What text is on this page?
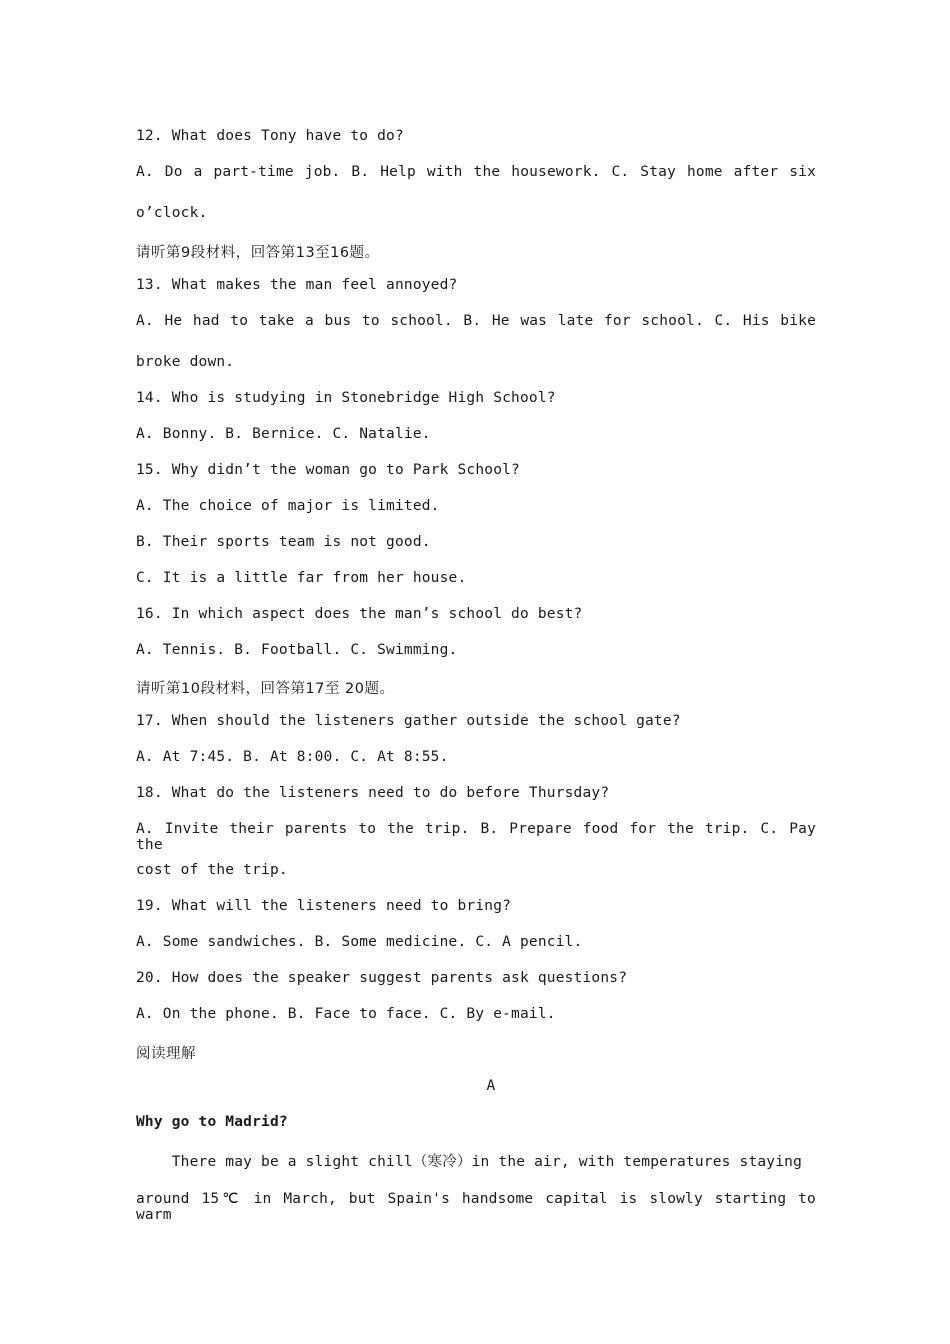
12. What does Tony have to do?
A. Do a part-time job. B. Help with the housework. C. Stay home after six
o’clock.
请听第9段材料，回答第13至16题。
13. What makes the man feel annoyed?
A. He had to take a bus to school. B. He was late for school. C. His bike
broke down.
14. Who is studying in Stonebridge High School?
A. Bonny. B. Bernice. C. Natalie.
15. Why didn’t the woman go to Park School?
A. The choice of major is limited.
B. Their sports team is not good.
C. It is a little far from her house.
16. In which aspect does the man’s school do best?
A. Tennis. B. Football. C. Swimming.
请听第10段材料，回答第17至 20题。
17. When should the listeners gather outside the school gate?
A. At 7:45. B. At 8:00. C. At 8:55.
18. What do the listeners need to do before Thursday?
A. Invite their parents to the trip. B. Prepare food for the trip. C. Pay the
cost of the trip.
19. What will the listeners need to bring?
A. Some sandwiches. B. Some medicine. C. A pencil.
20. How does the speaker suggest parents ask questions?
A. On the phone. B. Face to face. C. By e-mail.
阅读理解
A
Why go to Madrid?
There may be a slight chill（寒冷）in the air, with temperatures staying
around 15℃ in March, but Spain's handsome capital is slowly starting to warm
